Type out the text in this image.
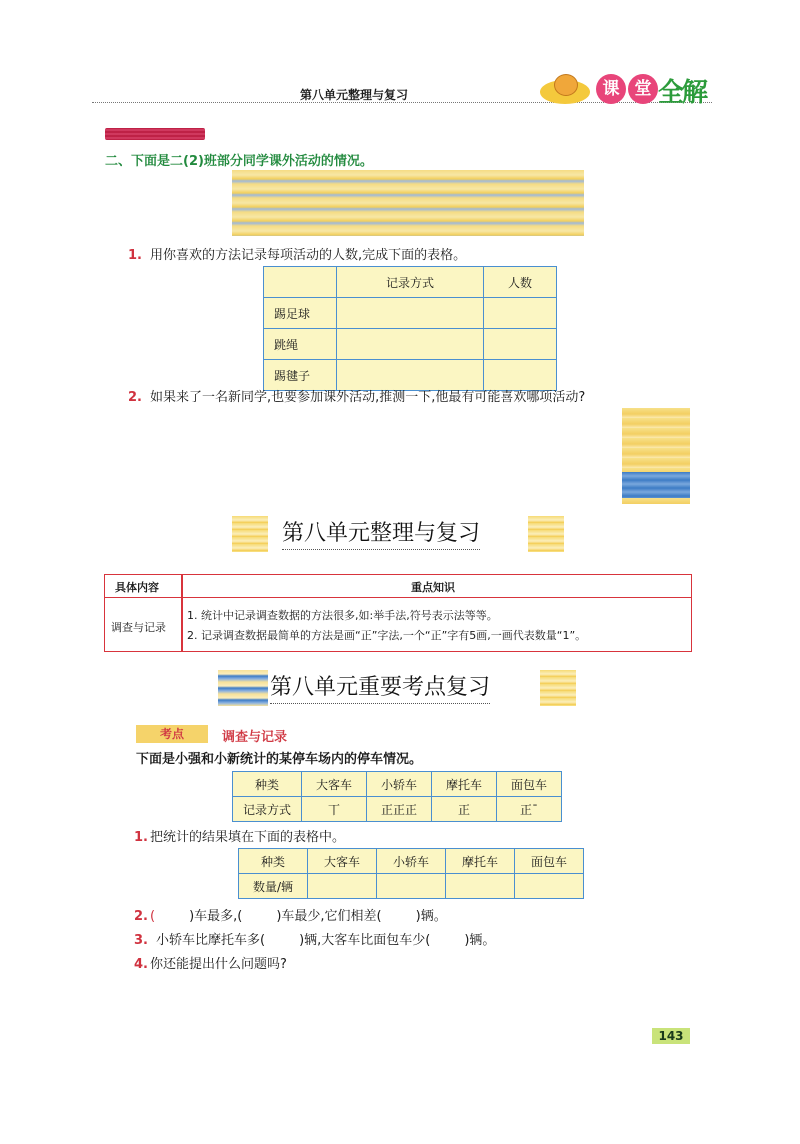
第八单元整理与复习	课 堂 全解
二、下面是二(2)班部分同学课外活动的情况。
1. 用你喜欢的方法记录每项活动的人数,完成下面的表格。
	记录方式	人数
踢足球		
跳绳		
踢毽子		
2. 如果来了一名新同学,也要参加课外活动,推测一下,他最有可能喜欢哪项活动?
第八单元整理与复习
具体内容	重点知识
调查与记录
1. 统计中记录调查数据的方法很多,如:举手法,符号表示法等等。
2. 记录调查数据最简单的方法是画“正”字法,一个“正”字有5画,一画代表数量“1”。
第八单元重要考点复习
考点	调查与记录
下面是小强和小新统计的某停车场内的停车情况。
种类	大客车	小轿车	摩托车	面包车
记录方式	丅	正正正	正	正¯
1. 把统计的结果填在下面的表格中。
种类	大客车	小轿车	摩托车	面包车
数量/辆				
2. (	)车最多,(	)车最少,它们相差(	)辆。
3. 小轿车比摩托车多(	)辆,大客车比面包车少(	)辆。
4. 你还能提出什么问题吗?
143
